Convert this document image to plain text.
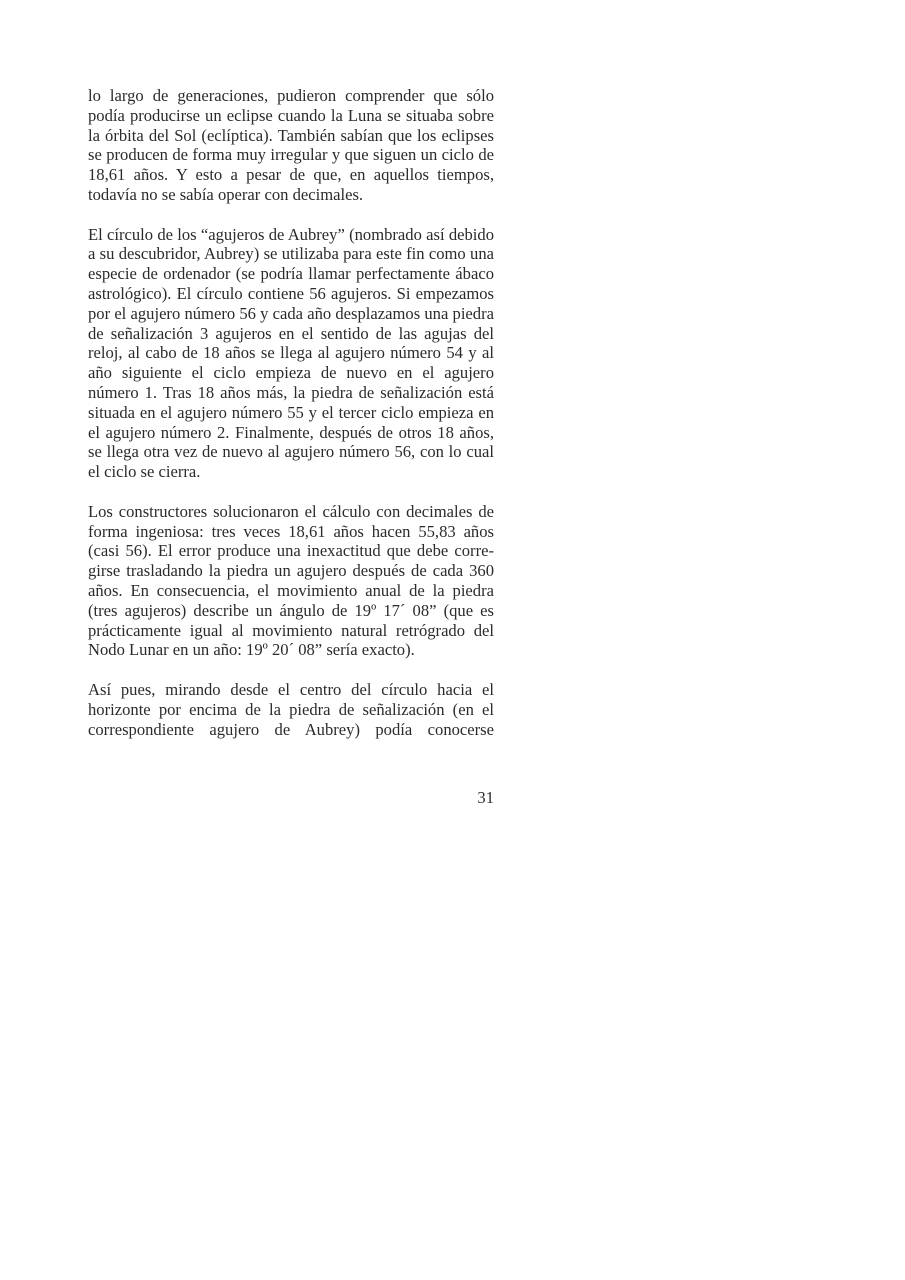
lo largo de generaciones, pudieron comprender que sólo podía producirse un eclipse cuando la Luna se situaba sobre la órbita del Sol (eclíptica). También sabían que los eclipses se producen de forma muy irregular y que siguen un ciclo de 18,61 años. Y esto a pesar de que, en aquellos tiempos, todavía no se sabía operar con decimales.

El círculo de los “agujeros de Aubrey” (nombrado así debido a su descubridor, Aubrey) se utilizaba para este fin como una especie de ordenador (se podría llamar perfectamente ábaco astrológico). El círculo contiene 56 agujeros. Si empezamos por el agujero número 56 y cada año desplazamos una piedra de señalización 3 agujeros en el sentido de las agujas del reloj, al cabo de 18 años se llega al agujero número 54 y al año siguiente el ciclo empieza de nuevo en el agujero número 1. Tras 18 años más, la piedra de señalización está situada en el agujero número 55 y el tercer ciclo empieza en el agujero número 2. Finalmente, después de otros 18 años, se llega otra vez de nuevo al agujero número 56, con lo cual el ciclo se cierra.

Los constructores solucionaron el cálculo con decimales de forma ingeniosa: tres veces 18,61 años hacen 55,83 años (casi 56). El error produce una inexactitud que debe corregirse trasladando la piedra un agujero después de cada 360 años. En consecuencia, el movimiento anual de la piedra (tres agujeros) describe un ángulo de 19º 17´ 08” (que es prácticamente igual al movimiento natural retrógrado del Nodo Lunar en un año: 19º 20´ 08” sería exacto).

Así pues, mirando desde el centro del círculo hacia el horizonte por encima de la piedra de señalización (en el correspondiente agujero de Aubrey) podía conocerse

31
